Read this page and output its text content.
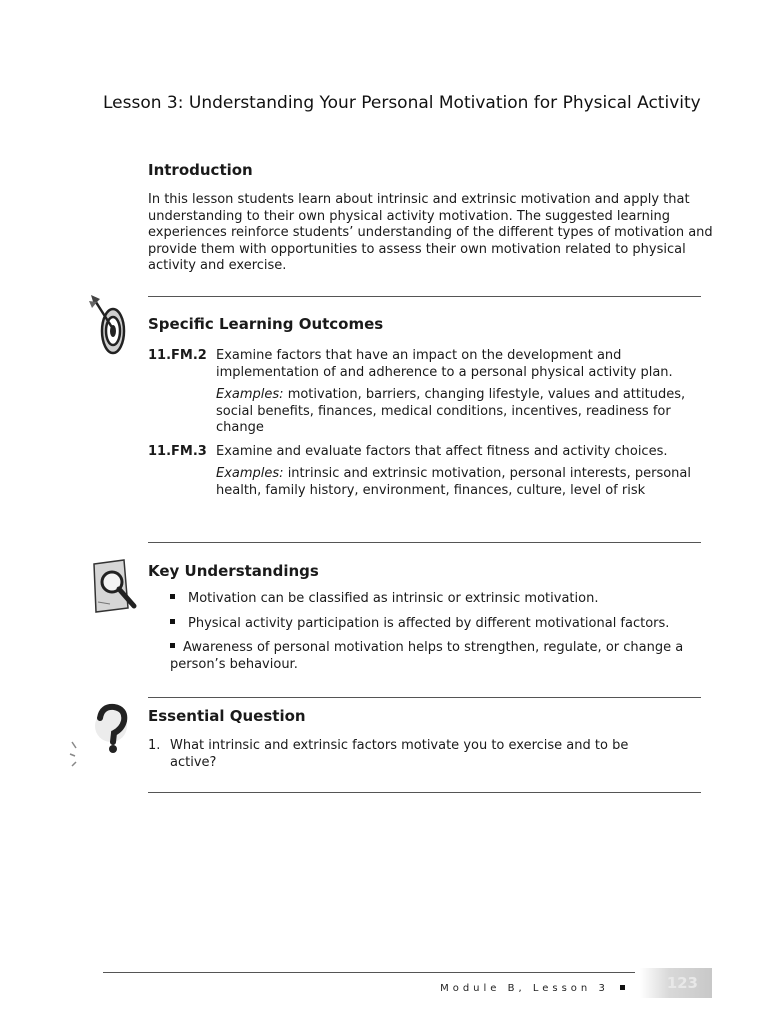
Lesson 3: Understanding Your Personal Motivation for Physical Activity
Introduction
In this lesson students learn about intrinsic and extrinsic motivation and apply that understanding to their own physical activity motivation. The suggested learning experiences reinforce students’ understanding of the different types of motivation and provide them with opportunities to assess their own motivation related to physical activity and exercise.
Specific Learning Outcomes
11.FM.2 Examine factors that have an impact on the development and implementation of and adherence to a personal physical activity plan.
Examples: motivation, barriers, changing lifestyle, values and attitudes, social benefits, finances, medical conditions, incentives, readiness for change
11.FM.3 Examine and evaluate factors that affect fitness and activity choices.
Examples: intrinsic and extrinsic motivation, personal interests, personal health, family history, environment, finances, culture, level of risk
Key Understandings
Motivation can be classified as intrinsic or extrinsic motivation.
Physical activity participation is affected by different motivational factors.
Awareness of personal motivation helps to strengthen, regulate, or change a person’s behaviour.
Essential Question
1. What intrinsic and extrinsic factors motivate you to exercise and to be active?
Module B, Lesson 3	123
